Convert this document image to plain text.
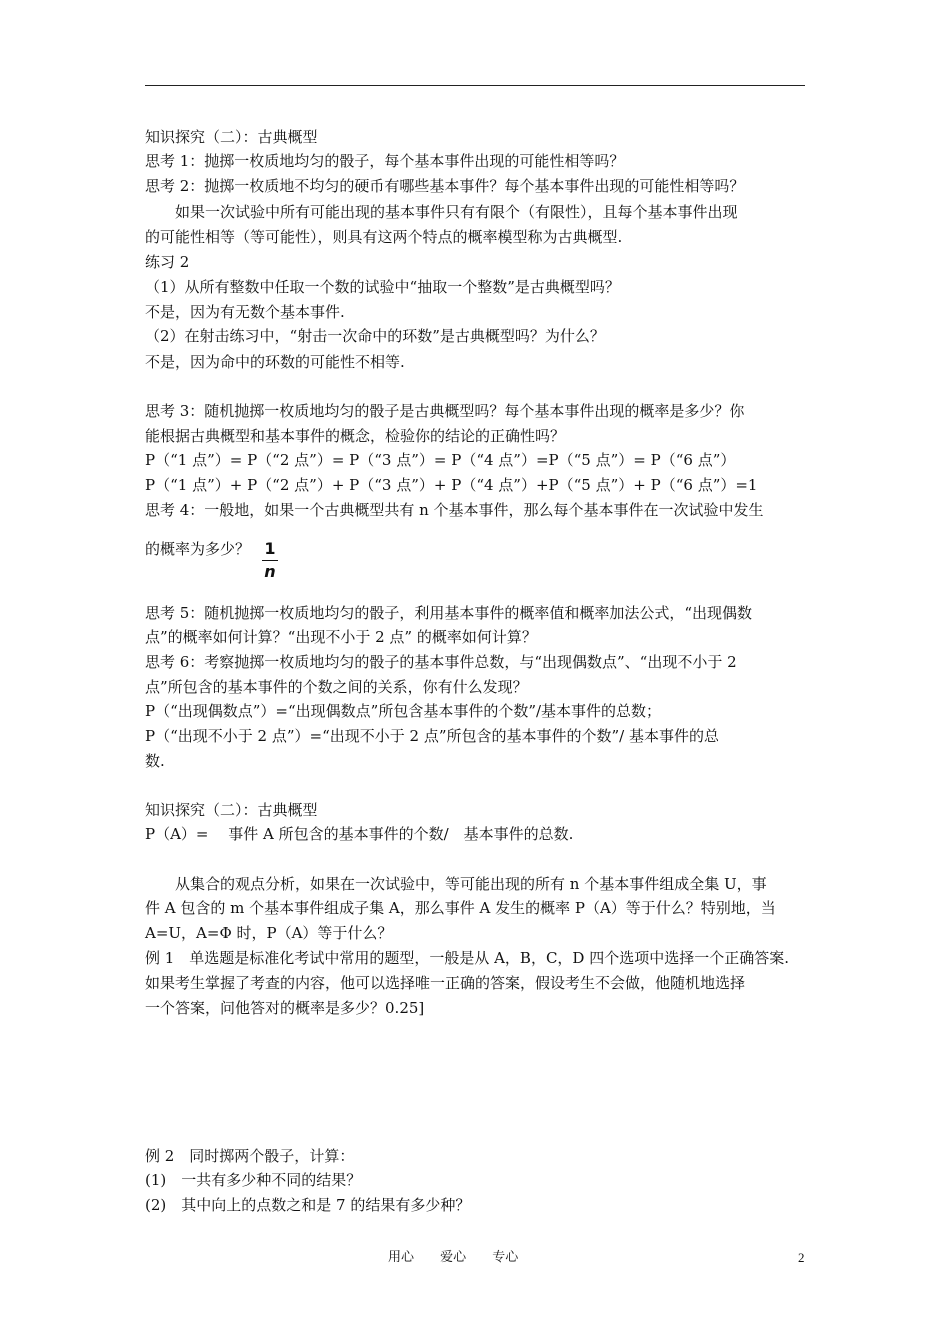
知识探究（二）：古典概型
思考 1：抛掷一枚质地均匀的骰子，每个基本事件出现的可能性相等吗？
思考 2：抛掷一枚质地不均匀的硬币有哪些基本事件？每个基本事件出现的可能性相等吗？
如果一次试验中所有可能出现的基本事件只有有限个（有限性），且每个基本事件出现
的可能性相等（等可能性），则具有这两个特点的概率模型称为古典概型.
练习 2
（1）从所有整数中任取一个数的试验中“抽取一个整数”是古典概型吗？
不是，因为有无数个基本事件.
（2）在射击练习中，“射击一次命中的环数”是古典概型吗？为什么？
不是，因为命中的环数的可能性不相等.
思考 3：随机抛掷一枚质地均匀的骰子是古典概型吗？每个基本事件出现的概率是多少？你
能根据古典概型和基本事件的概念，检验你的结论的正确性吗？
P（“1 点”）= P（“2 点”）= P（“3 点”）= P（“4 点”）=P（“5 点”）= P（“6 点”）
P（“1 点”）+ P（“2 点”）+ P（“3 点”）+ P（“4 点”）+P（“5 点”）+ P（“6 点”）=1
思考 4：一般地，如果一个古典概型共有 n 个基本事件，那么每个基本事件在一次试验中发生
的概率为多少？ 1
n
思考 5：随机抛掷一枚质地均匀的骰子，利用基本事件的概率值和概率加法公式，“出现偶数
点”的概率如何计算？“出现不小于 2 点” 的概率如何计算？
思考 6：考察抛掷一枚质地均匀的骰子的基本事件总数，与“出现偶数点”、“出现不小于 2
点”所包含的基本事件的个数之间的关系，你有什么发现？
P（“出现偶数点”）=“出现偶数点”所包含基本事件的个数”/基本事件的总数；
P（“出现不小于 2 点”）=“出现不小于 2 点”所包含的基本事件的个数”/ 基本事件的总
数.
知识探究（二）：古典概型
P（A）=　 事件 A 所包含的基本事件的个数/　基本事件的总数.
从集合的观点分析，如果在一次试验中，等可能出现的所有 n 个基本事件组成全集 U，事
件 A 包含的 m 个基本事件组成子集 A，那么事件 A 发生的概率 P（A）等于什么？特别地，当
A=U，A=Φ 时，P（A）等于什么？
例 1　单选题是标准化考试中常用的题型，一般是从 A，B，C，D 四个选项中选择一个正确答案.
如果考生掌握了考查的内容，他可以选择唯一正确的答案，假设考生不会做，他随机地选择
一个答案，问他答对的概率是多少？0.25]
例 2　同时掷两个骰子，计算：
(1)　一共有多少种不同的结果？
(2)　其中向上的点数之和是 7 的结果有多少种？
用心 爱心 专心	2
